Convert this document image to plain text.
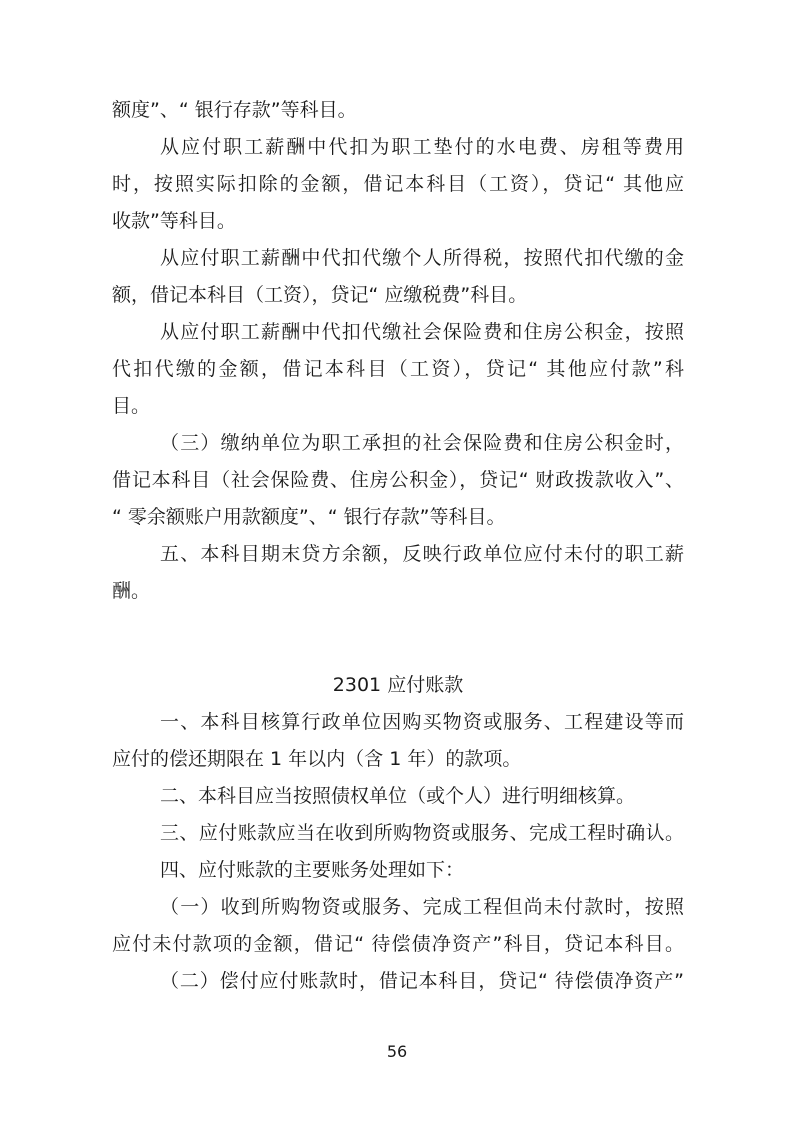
额度”、“ 银行存款”等科目。
从应付职工薪酬中代扣为职工垫付的水电费、房租等费用
时，按照实际扣除的金额，借记本科目（工资），贷记“ 其他应
收款”等科目。
从应付职工薪酬中代扣代缴个人所得税，按照代扣代缴的金
额，借记本科目（工资），贷记“ 应缴税费”科目。
从应付职工薪酬中代扣代缴社会保险费和住房公积金，按照
代扣代缴的金额，借记本科目（工资），贷记“ 其他应付款”科
目。
（三）缴纳单位为职工承担的社会保险费和住房公积金时，
借记本科目（社会保险费、住房公积金），贷记“ 财政拨款收入”、
“ 零余额账户用款额度”、“ 银行存款”等科目。
五、本科目期末贷方余额，反映行政单位应付未付的职工薪
酬。
2301 应付账款
一、本科目核算行政单位因购买物资或服务、工程建设等而
应付的偿还期限在 1 年以内（含 1 年）的款项。
二、本科目应当按照债权单位（或个人）进行明细核算。
三、应付账款应当在收到所购物资或服务、完成工程时确认。
四、应付账款的主要账务处理如下：
（一）收到所购物资或服务、完成工程但尚未付款时，按照
应付未付款项的金额，借记“ 待偿债净资产”科目，贷记本科目。
（二）偿付应付账款时，借记本科目，贷记“ 待偿债净资产”
56
